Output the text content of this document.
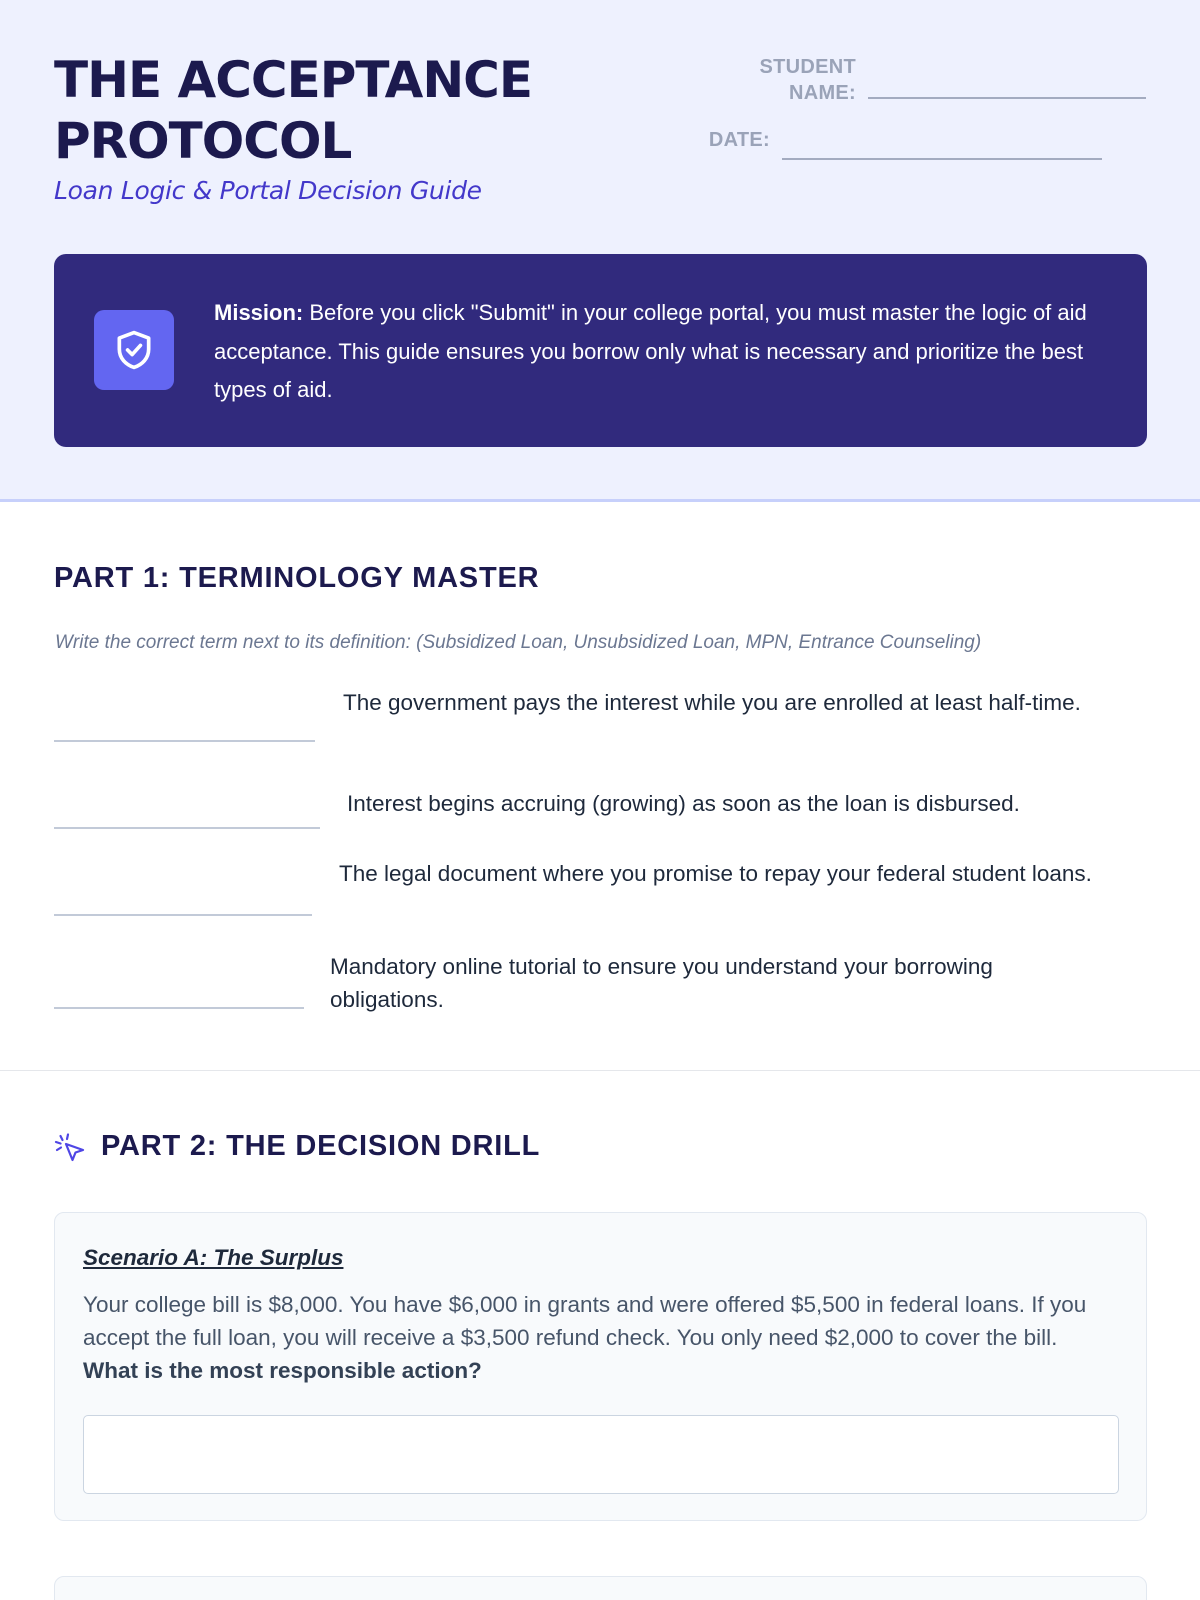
THE ACCEPTANCE PROTOCOL
Loan Logic & Portal Decision Guide
STUDENT NAME:
DATE:

Mission: Before you click "Submit" in your college portal, you must master the logic of aid acceptance. This guide ensures you borrow only what is necessary and prioritize the best types of aid.

PART 1: TERMINOLOGY MASTER

Write the correct term next to its definition: (Subsidized Loan, Unsubsidized Loan, MPN, Entrance Counseling)

The government pays the interest while you are enrolled at least half-time.
Interest begins accruing (growing) as soon as the loan is disbursed.
The legal document where you promise to repay your federal student loans.
Mandatory online tutorial to ensure you understand your borrowing obligations.
PART 2: THE DECISION DRILL
Scenario A: The Surplus

Your college bill is $8,000. You have $6,000 in grants and were offered $5,500 in federal loans. If you accept the full loan, you will receive a $3,500 refund check. You only need $2,000 to cover the bill. What is the most responsible action?
